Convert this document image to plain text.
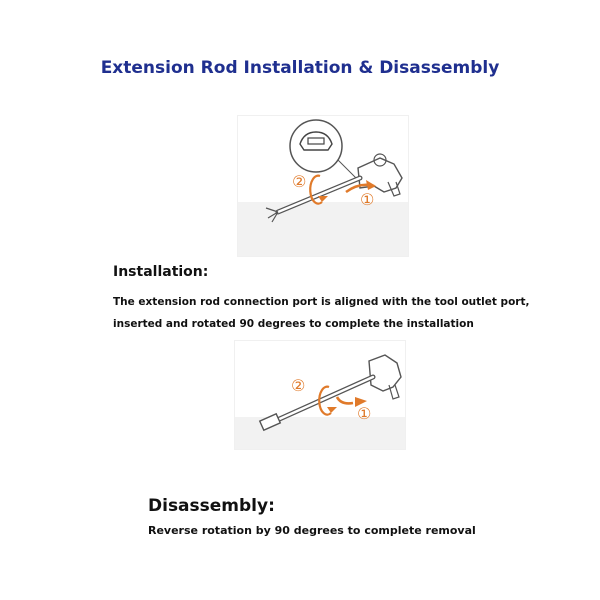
Extension Rod Installation & Disassembly
②
①
Installation:
The extension rod connection port is aligned with the tool outlet port,
inserted and rotated 90 degrees to complete the installation
②
①
Disassembly:
Reverse rotation by 90 degrees to complete removal
